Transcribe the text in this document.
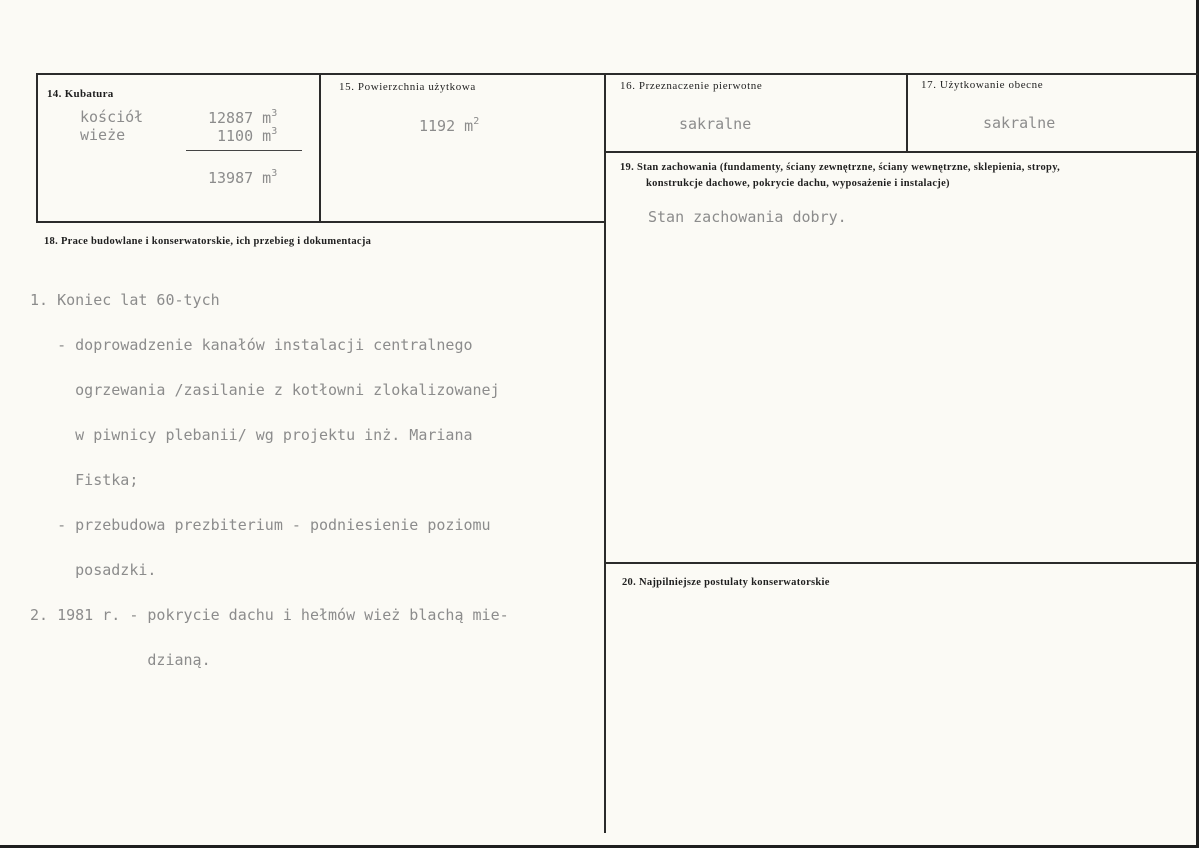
14. Kubatura
kościół	12887 $m^3$
wieże	1100 $m^3$
13987 $m^3$
15. Powierzchnia użytkowa
1192 $m^2$
16. Przeznaczenie pierwotne
sakralne
17. Użytkowanie obecne
sakralne
19. Stan zachowania (fundamenty, ściany zewnętrzne, ściany wewnętrzne, sklepienia, stropy,
konstrukcje dachowe, pokrycie dachu, wyposażenie i instalacje)
Stan zachowania dobry.
18. Prace budowlane i konserwatorskie, ich przebieg i dokumentacja

1. Koniec lat 60-tych

- doprowadzenie kanałów instalacji centralnego

ogrzewania /zasilanie z kotłowni zlokalizowanej

w piwnicy plebanii/ wg projektu inż. Mariana

Fistka;

- przebudowa prezbiterium - podniesienie poziomu

posadzki.

2. 1981 r. - pokrycie dachu i hełmów wież blachą mie-

dzianą.

20. Najpilniejsze postulaty konserwatorskie
